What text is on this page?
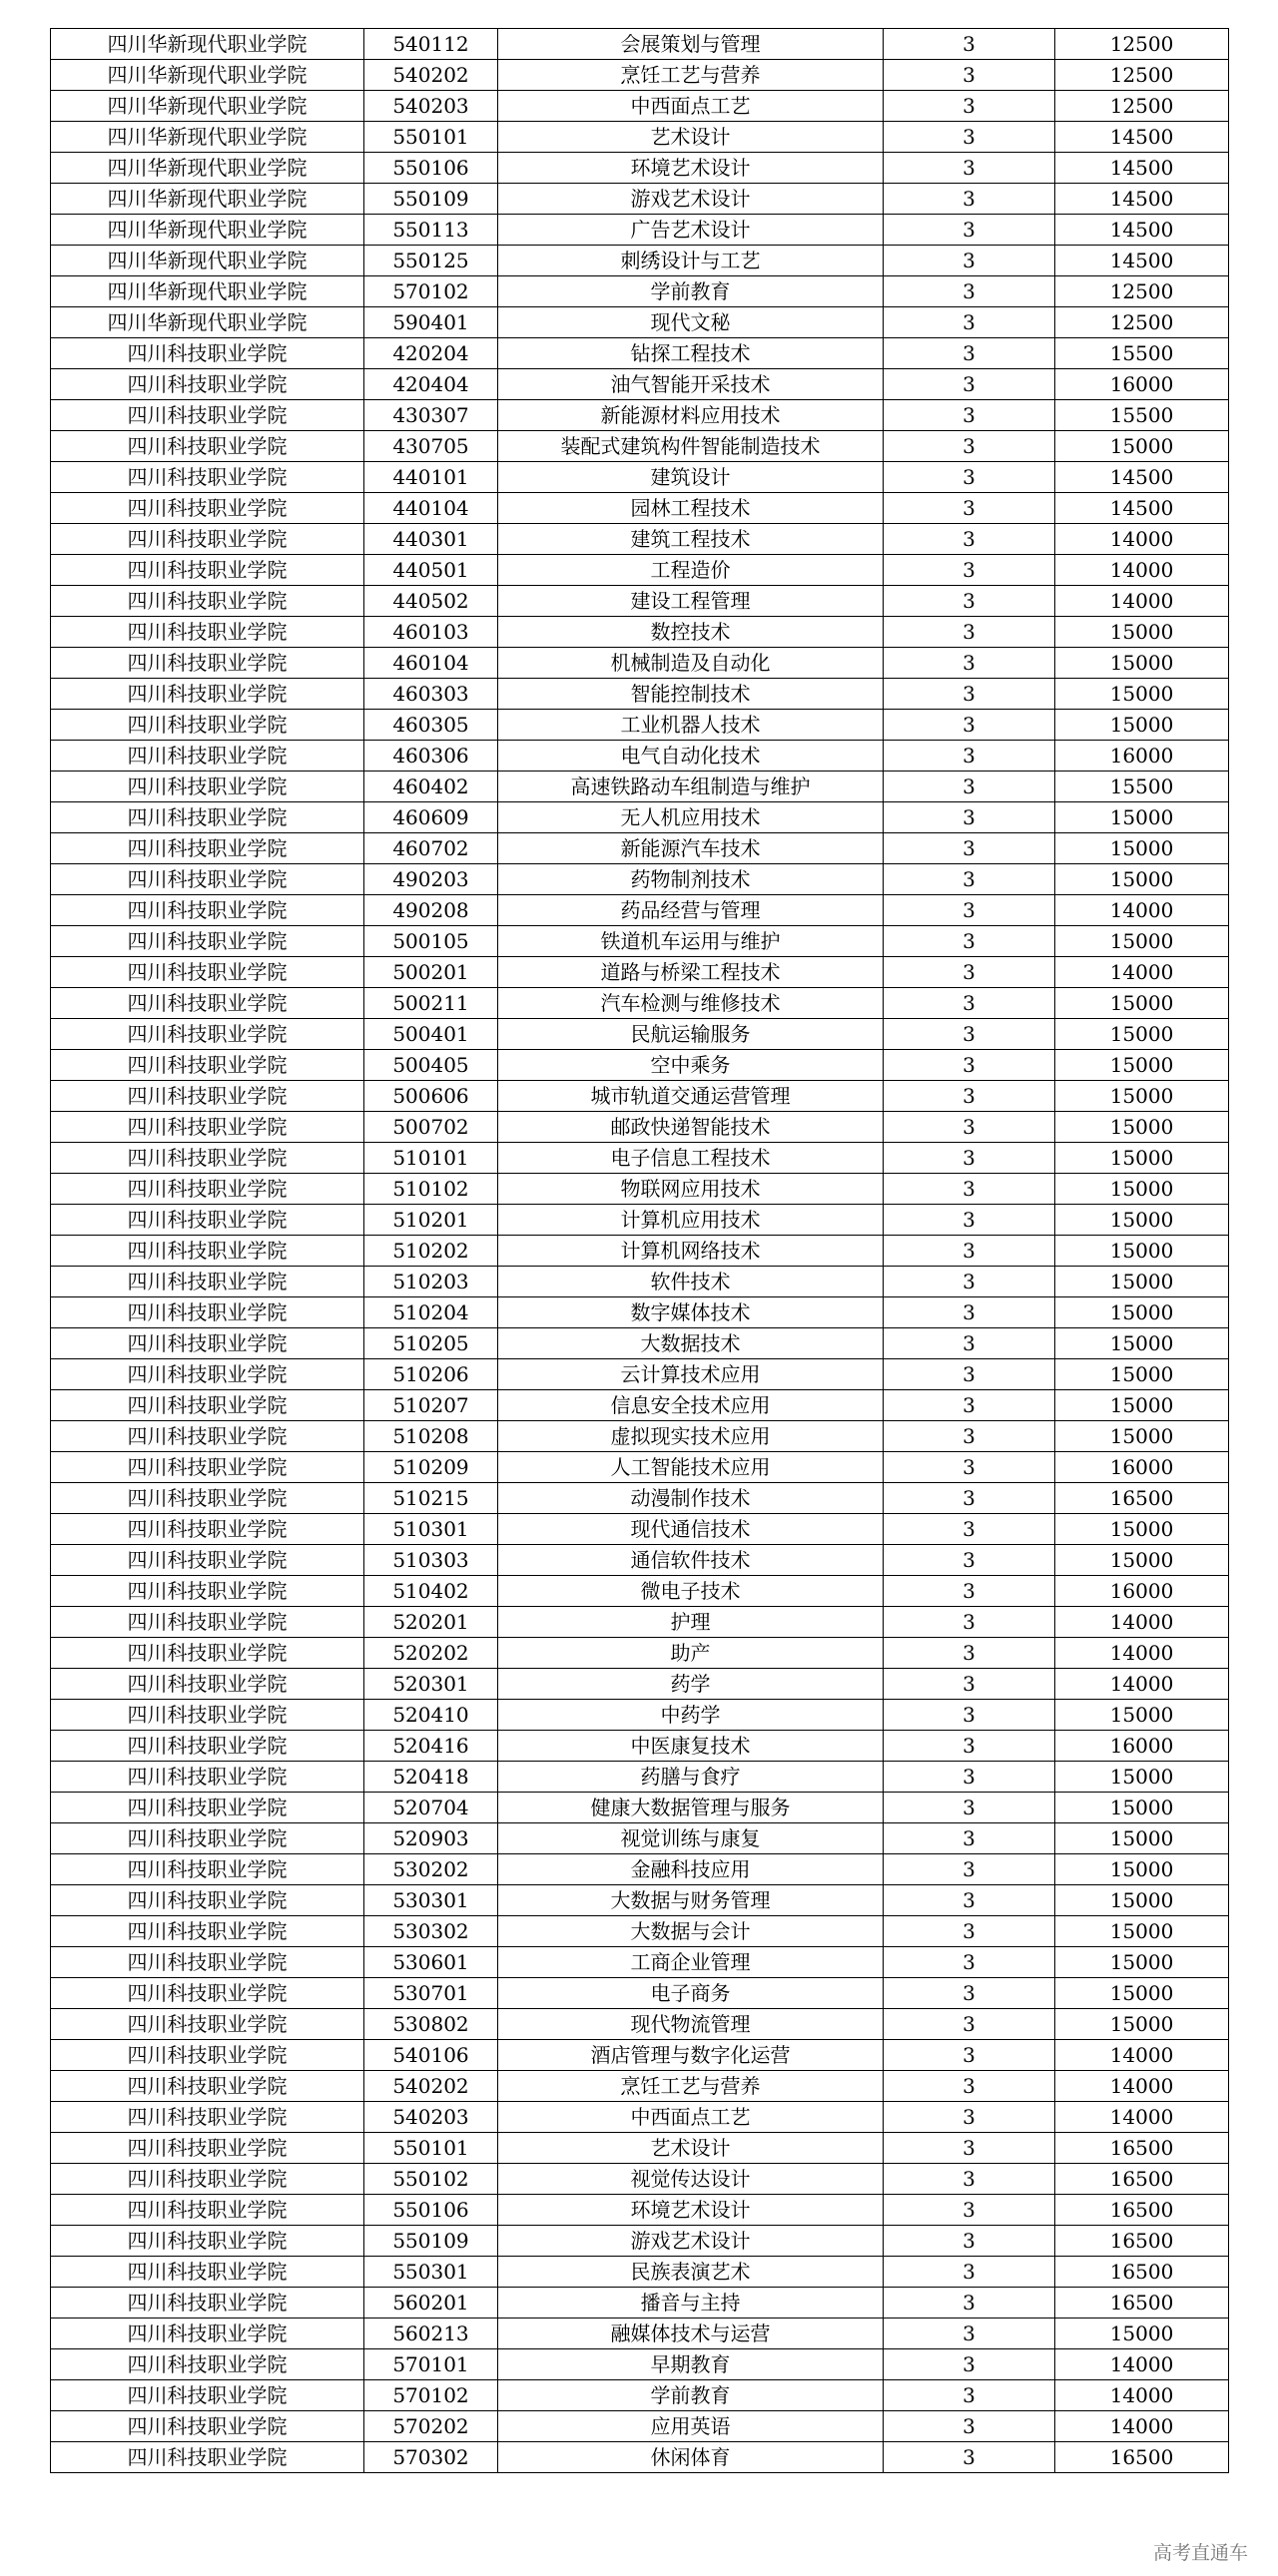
四川华新现代职业学院	540112	会展策划与管理	3	12500
四川华新现代职业学院	540202	烹饪工艺与营养	3	12500
四川华新现代职业学院	540203	中西面点工艺	3	12500
四川华新现代职业学院	550101	艺术设计	3	14500
四川华新现代职业学院	550106	环境艺术设计	3	14500
四川华新现代职业学院	550109	游戏艺术设计	3	14500
四川华新现代职业学院	550113	广告艺术设计	3	14500
四川华新现代职业学院	550125	刺绣设计与工艺	3	14500
四川华新现代职业学院	570102	学前教育	3	12500
四川华新现代职业学院	590401	现代文秘	3	12500
四川科技职业学院	420204	钻探工程技术	3	15500
四川科技职业学院	420404	油气智能开采技术	3	16000
四川科技职业学院	430307	新能源材料应用技术	3	15500
四川科技职业学院	430705	装配式建筑构件智能制造技术	3	15000
四川科技职业学院	440101	建筑设计	3	14500
四川科技职业学院	440104	园林工程技术	3	14500
四川科技职业学院	440301	建筑工程技术	3	14000
四川科技职业学院	440501	工程造价	3	14000
四川科技职业学院	440502	建设工程管理	3	14000
四川科技职业学院	460103	数控技术	3	15000
四川科技职业学院	460104	机械制造及自动化	3	15000
四川科技职业学院	460303	智能控制技术	3	15000
四川科技职业学院	460305	工业机器人技术	3	15000
四川科技职业学院	460306	电气自动化技术	3	16000
四川科技职业学院	460402	高速铁路动车组制造与维护	3	15500
四川科技职业学院	460609	无人机应用技术	3	15000
四川科技职业学院	460702	新能源汽车技术	3	15000
四川科技职业学院	490203	药物制剂技术	3	15000
四川科技职业学院	490208	药品经营与管理	3	14000
四川科技职业学院	500105	铁道机车运用与维护	3	15000
四川科技职业学院	500201	道路与桥梁工程技术	3	14000
四川科技职业学院	500211	汽车检测与维修技术	3	15000
四川科技职业学院	500401	民航运输服务	3	15000
四川科技职业学院	500405	空中乘务	3	15000
四川科技职业学院	500606	城市轨道交通运营管理	3	15000
四川科技职业学院	500702	邮政快递智能技术	3	15000
四川科技职业学院	510101	电子信息工程技术	3	15000
四川科技职业学院	510102	物联网应用技术	3	15000
四川科技职业学院	510201	计算机应用技术	3	15000
四川科技职业学院	510202	计算机网络技术	3	15000
四川科技职业学院	510203	软件技术	3	15000
四川科技职业学院	510204	数字媒体技术	3	15000
四川科技职业学院	510205	大数据技术	3	15000
四川科技职业学院	510206	云计算技术应用	3	15000
四川科技职业学院	510207	信息安全技术应用	3	15000
四川科技职业学院	510208	虚拟现实技术应用	3	15000
四川科技职业学院	510209	人工智能技术应用	3	16000
四川科技职业学院	510215	动漫制作技术	3	16500
四川科技职业学院	510301	现代通信技术	3	15000
四川科技职业学院	510303	通信软件技术	3	15000
四川科技职业学院	510402	微电子技术	3	16000
四川科技职业学院	520201	护理	3	14000
四川科技职业学院	520202	助产	3	14000
四川科技职业学院	520301	药学	3	14000
四川科技职业学院	520410	中药学	3	15000
四川科技职业学院	520416	中医康复技术	3	16000
四川科技职业学院	520418	药膳与食疗	3	15000
四川科技职业学院	520704	健康大数据管理与服务	3	15000
四川科技职业学院	520903	视觉训练与康复	3	15000
四川科技职业学院	530202	金融科技应用	3	15000
四川科技职业学院	530301	大数据与财务管理	3	15000
四川科技职业学院	530302	大数据与会计	3	15000
四川科技职业学院	530601	工商企业管理	3	15000
四川科技职业学院	530701	电子商务	3	15000
四川科技职业学院	530802	现代物流管理	3	15000
四川科技职业学院	540106	酒店管理与数字化运营	3	14000
四川科技职业学院	540202	烹饪工艺与营养	3	14000
四川科技职业学院	540203	中西面点工艺	3	14000
四川科技职业学院	550101	艺术设计	3	16500
四川科技职业学院	550102	视觉传达设计	3	16500
四川科技职业学院	550106	环境艺术设计	3	16500
四川科技职业学院	550109	游戏艺术设计	3	16500
四川科技职业学院	550301	民族表演艺术	3	16500
四川科技职业学院	560201	播音与主持	3	16500
四川科技职业学院	560213	融媒体技术与运营	3	15000
四川科技职业学院	570101	早期教育	3	14000
四川科技职业学院	570102	学前教育	3	14000
四川科技职业学院	570202	应用英语	3	14000
四川科技职业学院	570302	休闲体育	3	16500
高考直通车
